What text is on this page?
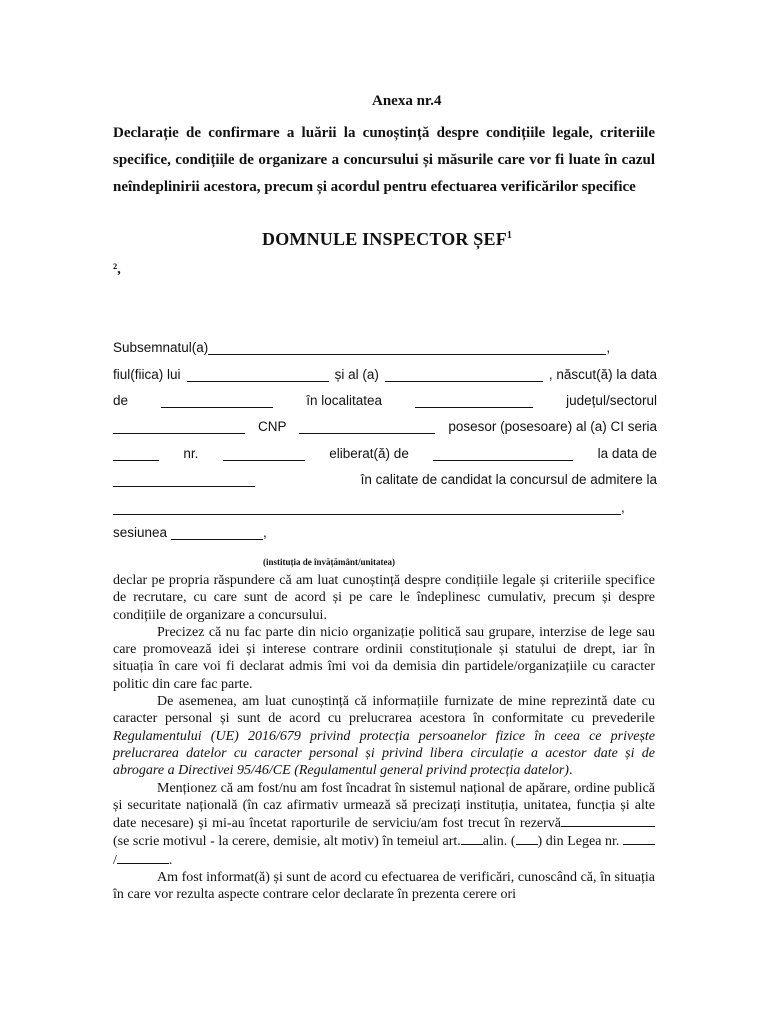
Anexa nr.4
Declarație de confirmare a luării la cunoștință despre condițiile legale, criteriile
specifice, condițiile de organizare a concursului și măsurile care vor fi luate în cazul
neîndeplinirii acestora, precum și acordul pentru efectuarea verificărilor specifice
DOMNULE INSPECTOR ȘEF$^1$
²,
Subsemnatul(a)	,
fiul(fiica) lui	și al (a)	, născut(ă) la data
de	în localitatea	județul/sectorul
CNP	posesor (posesoare) al (a) CI seria
nr.	eliberat(ă) de	la data de
în calitate de candidat la concursul de admitere la
,
sesiunea	,
(instituția de învățământ/unitatea)

declar pe propria răspundere că am luat cunoștință despre condițiile legale și criteriile specifice de recrutare, cu care sunt de acord și pe care le îndeplinesc cumulativ, precum și despre condițiile de organizare a concursului.

Precizez că nu fac parte din nicio organizație politică sau grupare, interzise de lege sau care promovează idei și interese contrare ordinii constituționale și statului de drept, iar în situația în care voi fi declarat admis îmi voi da demisia din partidele/organizațiile cu caracter politic din care fac parte.

De asemenea, am luat cunoștință că informațiile furnizate de mine reprezintă date cu caracter personal și sunt de acord cu prelucrarea acestora în conformitate cu prevederile Regulamentului (UE) 2016/679 privind protecția persoanelor fizice în ceea ce privește prelucrarea datelor cu caracter personal și privind libera circulație a acestor date și de abrogare a Directivei 95/46/CE (Regulamentul general privind protecția datelor).

Menționez că am fost/nu am fost încadrat în sistemul național de apărare, ordine publică și securitate națională (în caz afirmativ urmează să precizați instituția, unitatea, funcția și alte date necesare) și mi-au încetat raporturile de serviciu/am fost trecut în rezervă (se scrie motivul - la cerere, demisie, alt motiv) în temeiul art. alin. ( ) din Legea nr. /	.

Am fost informat(ă) și sunt de acord cu efectuarea de verificări, cunoscând că, în situația în care vor rezulta aspecte contrare celor declarate în prezenta cerere ori
